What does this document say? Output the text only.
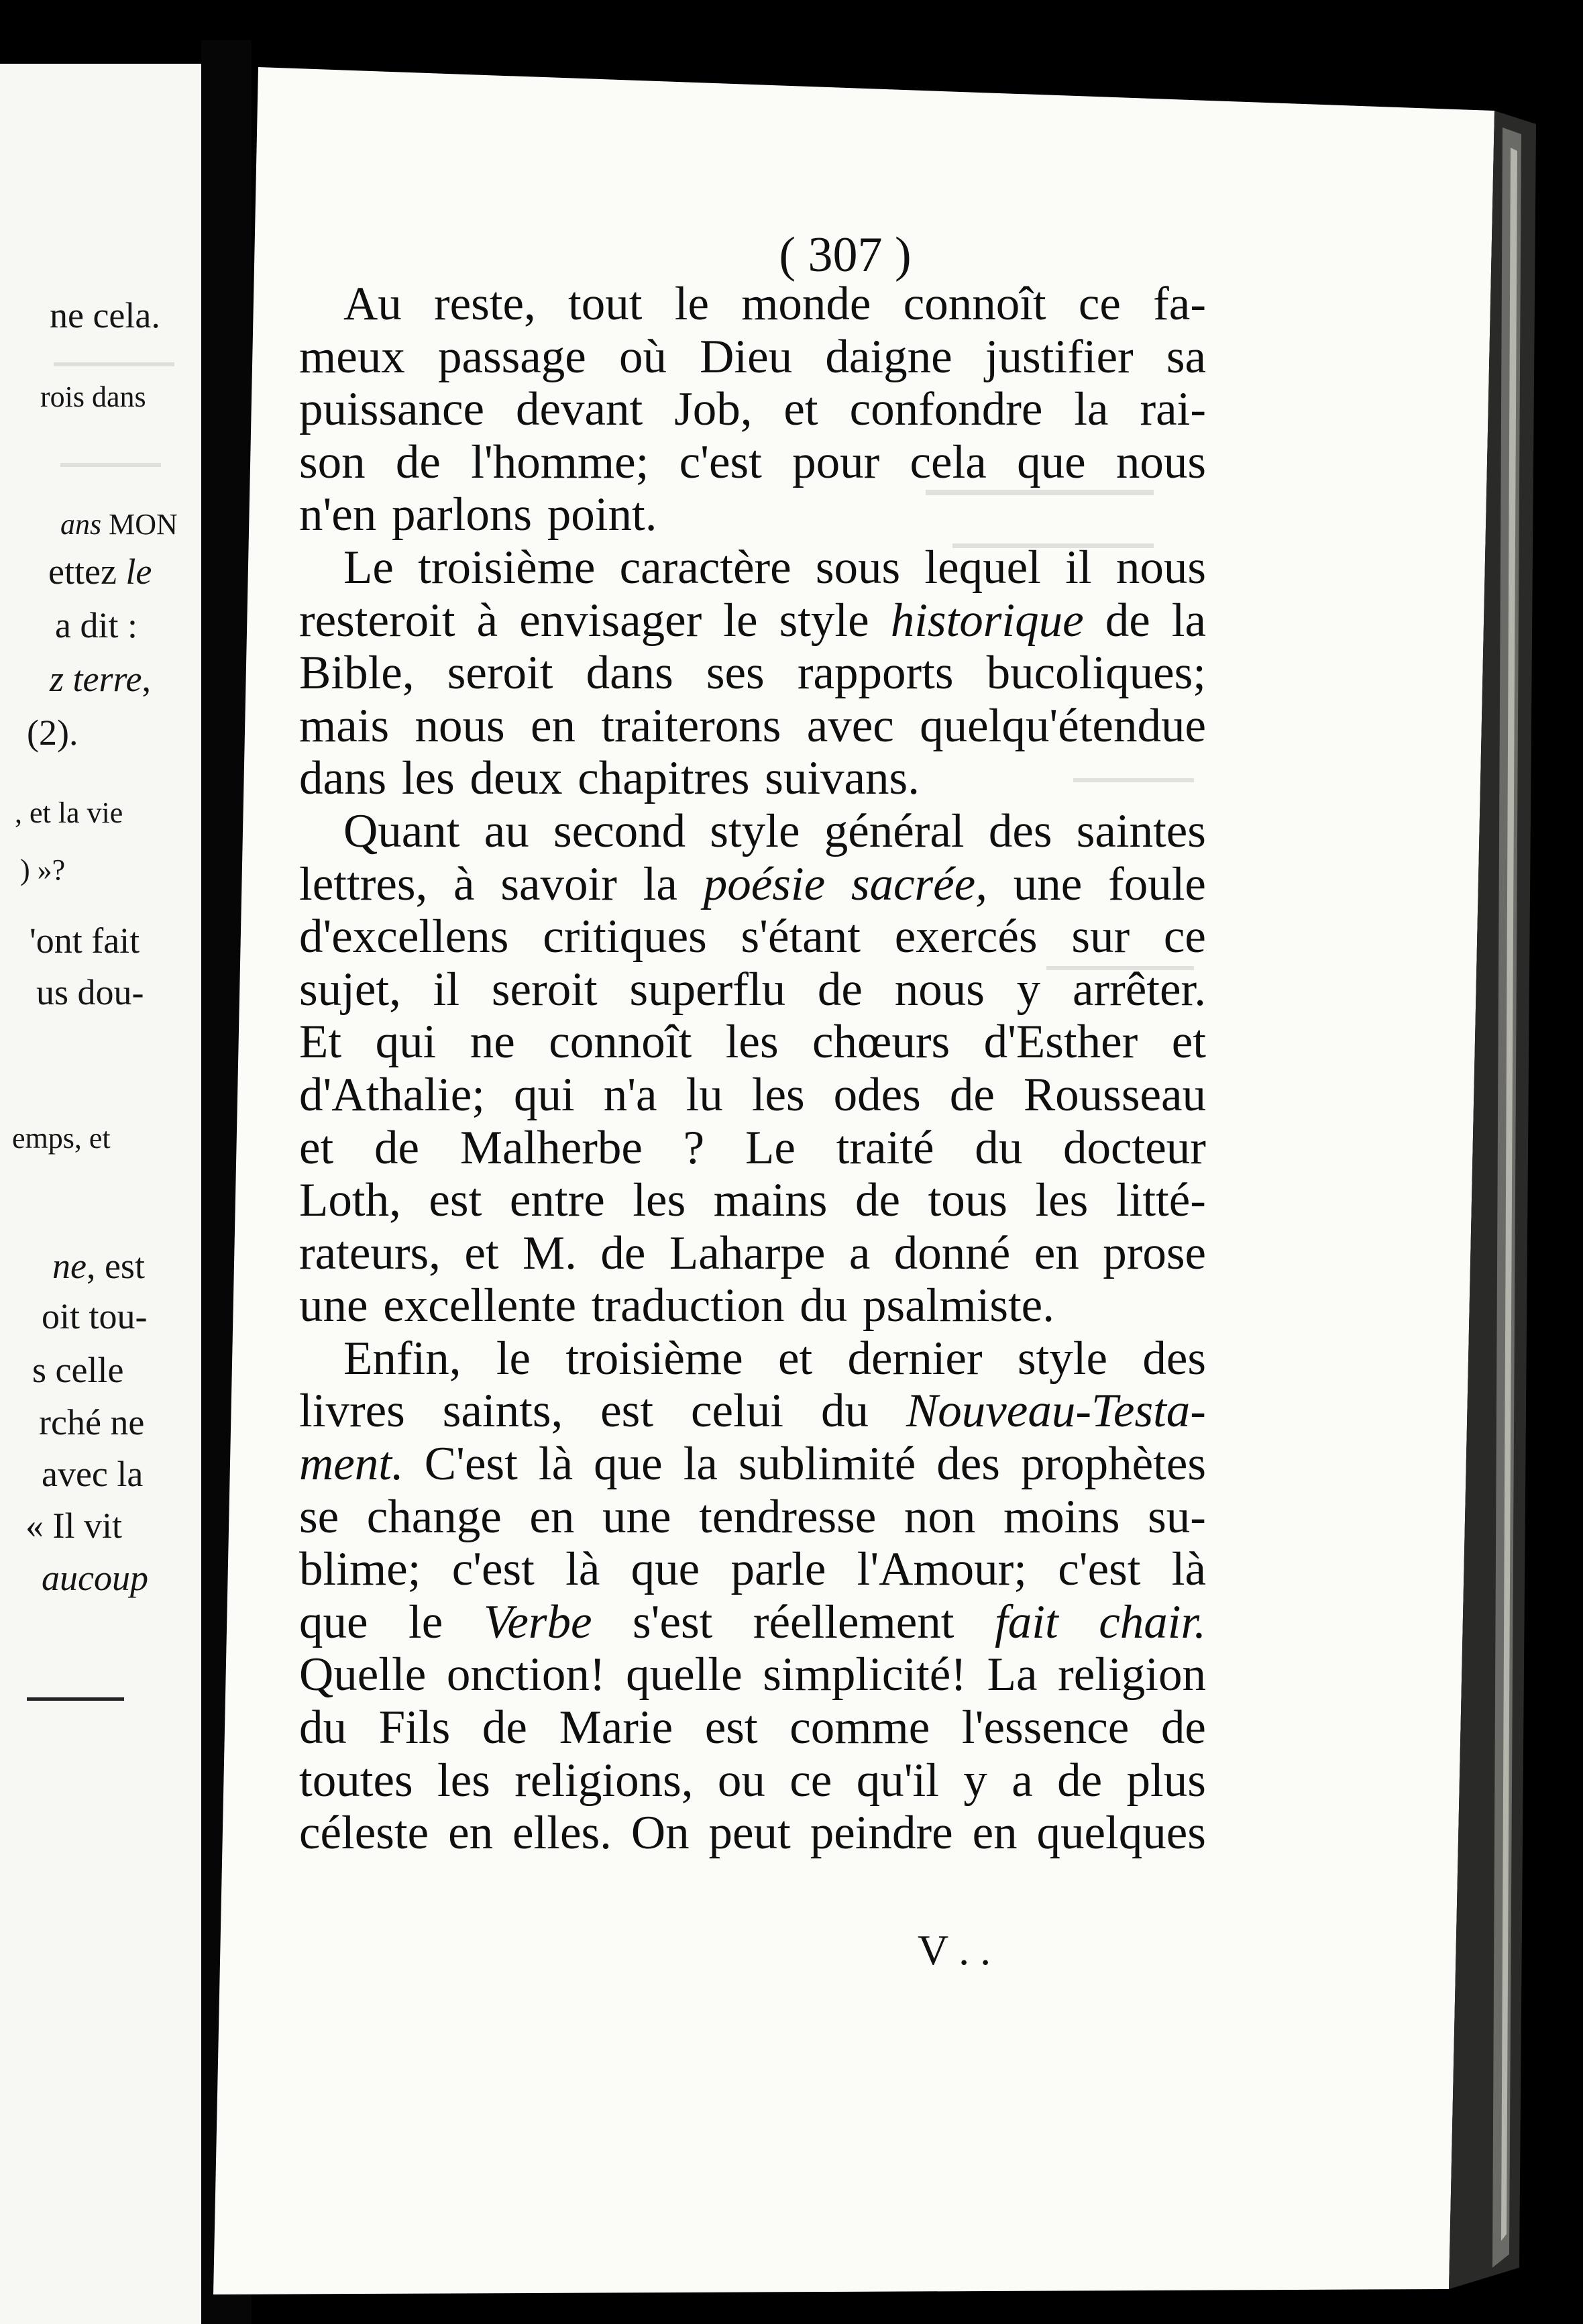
ne cela.
rois dans
ans MON
ettez le
a dit :
z terre,
(2).
, et la vie
) »?
'ont fait
us dou-
emps, et
ne, est
oit tou-
s celle
rché ne
avec la
« Il vit
aucoup
( 307 )
Au reste, tout le monde connoît ce fa-
meux passage où Dieu daigne justifier sa
puissance devant Job, et confondre la rai-
son de l'homme; c'est pour cela que nous
n'en parlons point.
Le troisième caractère sous lequel il nous
resteroit à envisager le style historique de la
Bible, seroit dans ses rapports bucoliques;
mais nous en traiterons avec quelqu'étendue
dans les deux chapitres suivans.
Quant au second style général des saintes
lettres, à savoir la poésie sacrée, une foule
d'excellens critiques s'étant exercés sur ce
sujet, il seroit superflu de nous y arrêter.
Et qui ne connoît les chœurs d'Esther et
d'Athalie; qui n'a lu les odes de Rousseau
et de Malherbe ? Le traité du docteur
Loth, est entre les mains de tous les litté-
rateurs, et M. de Laharpe a donné en prose
une excellente traduction du psalmiste.
Enfin, le troisième et dernier style des
livres saints, est celui du Nouveau-Testa-
ment. C'est là que la sublimité des prophètes
se change en une tendresse non moins su-
blime; c'est là que parle l'Amour; c'est là
que le Verbe s'est réellement fait chair.
Quelle onction! quelle simplicité! La religion
du Fils de Marie est comme l'essence de
toutes les religions, ou ce qu'il y a de plus
céleste en elles. On peut peindre en quelques
V . .
